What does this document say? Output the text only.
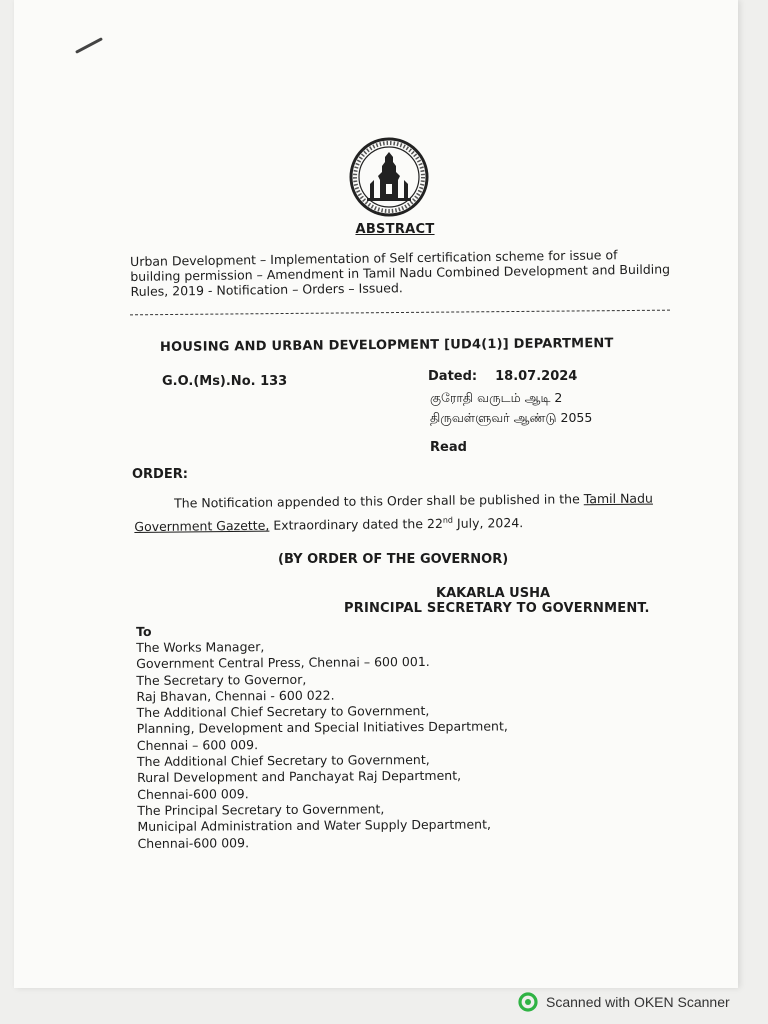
ABSTRACT
Urban Development – Implementation of Self certification scheme for issue of building permission – Amendment in Tamil Nadu Combined Development and Building Rules, 2019 - Notification – Orders – Issued.
HOUSING AND URBAN DEVELOPMENT [UD4(1)] DEPARTMENT
G.O.(Ms).No. 133	Dated: 18.07.2024
குரோதி வருடம் ஆடி 2
திருவள்ளுவர் ஆண்டு 2055
Read
ORDER:
The Notification appended to this Order shall be published in the Tamil Nadu Government Gazette, Extraordinary dated the 22nd July, 2024.
(BY ORDER OF THE GOVERNOR)
KAKARLA USHA
PRINCIPAL SECRETARY TO GOVERNMENT.
To
The Works Manager,
Government Central Press, Chennai – 600 001.
The Secretary to Governor,
Raj Bhavan, Chennai - 600 022.
The Additional Chief Secretary to Government,
Planning, Development and Special Initiatives Department,
Chennai – 600 009.
The Additional Chief Secretary to Government,
Rural Development and Panchayat Raj Department,
Chennai-600 009.
The Principal Secretary to Government,
Municipal Administration and Water Supply Department,
Chennai-600 009.
Scanned with OKEN Scanner
